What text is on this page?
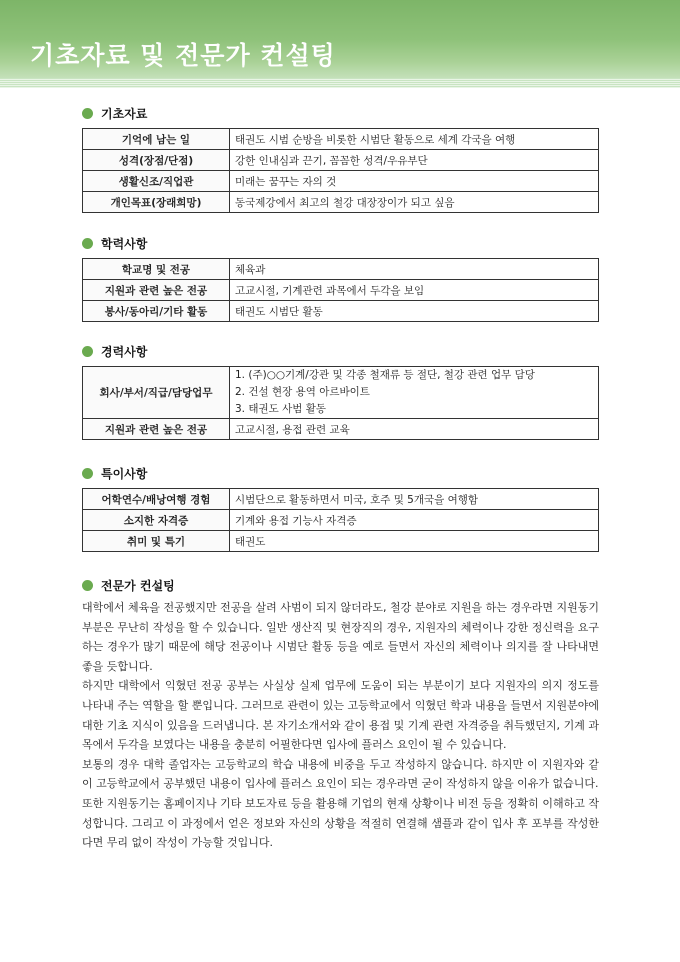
기초자료 및 전문가 컨설팅
기초자료
기억에 남는 일	태권도 시범 순방을 비롯한 시범단 활동으로 세계 각국을 여행
성격(장점/단점)	강한 인내심과 끈기, 꼼꼼한 성격/우유부단
생활신조/직업관	미래는 꿈꾸는 자의 것
개인목표(장래희망)	동국제강에서 최고의 철강 대장장이가 되고 싶음
학력사항
학교명 및 전공	체육과
지원과 관련 높은 전공	고교시절, 기계관련 과목에서 두각을 보임
봉사/동아리/기타 활동	태권도 시범단 활동
경력사항
회사/부서/직급/담당업무	1. (주)○○기계/강관 및 각종 철재류 등 절단, 철강 관련 업무 담당
2. 건설 현장 용역 아르바이트
3. 태권도 사범 활동

지원과 관련 높은 전공	고교시절, 용접 관련 교육
특이사항
어학연수/배낭여행 경험	시범단으로 활동하면서 미국, 호주 및 5개국을 여행함
소지한 자격증	기계와 용접 기능사 자격증
취미 및 특기	태권도
전문가 컨설팅

대학에서 체육을 전공했지만 전공을 살려 사범이 되지 않더라도, 철강 분야로 지원을 하는 경우라면 지원동기 부분은 무난히 작성을 할 수 있습니다. 일반 생산직 및 현장직의 경우, 지원자의 체력이나 강한 정신력을 요구하는 경우가 많기 때문에 해당 전공이나 시범단 활동 등을 예로 들면서 자신의 체력이나 의지를 잘 나타내면 좋을 듯합니다.

하지만 대학에서 익혔던 전공 공부는 사실상 실제 업무에 도움이 되는 부분이기 보다 지원자의 의지 정도를 나타내 주는 역할을 할 뿐입니다. 그러므로 관련이 있는 고등학교에서 익혔던 학과 내용을 들면서 지원분야에 대한 기초 지식이 있음을 드러냅니다. 본 자기소개서와 같이 용접 및 기계 관련 자격증을 취득했던지, 기계 과목에서 두각을 보였다는 내용을 충분히 어필한다면 입사에 플러스 요인이 될 수 있습니다.

보통의 경우 대학 졸업자는 고등학교의 학습 내용에 비중을 두고 작성하지 않습니다. 하지만 이 지원자와 같이 고등학교에서 공부했던 내용이 입사에 플러스 요인이 되는 경우라면 굳이 작성하지 않을 이유가 없습니다.

또한 지원동기는 홈페이지나 기타 보도자료 등을 활용해 기업의 현재 상황이나 비전 등을 정확히 이해하고 작성합니다. 그리고 이 과정에서 얻은 정보와 자신의 상황을 적절히 연결해 샘플과 같이 입사 후 포부를 작성한다면 무리 없이 작성이 가능할 것입니다.
